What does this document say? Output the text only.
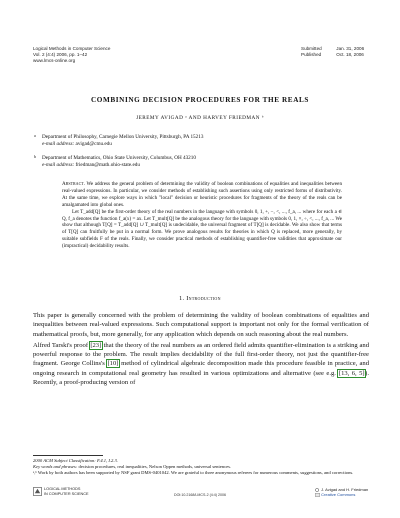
Logical Methods in Computer Science
Vol. 2 (4:4) 2006, pp. 1–42
www.lmcs-online.org
Submitted	Jan. 31, 2006
Published	Oct. 18, 2006
COMBINING DECISION PROCEDURES FOR THE REALS
JEREMY AVIGAD ᵃ AND HARVEY FRIEDMAN ᵇ
a Department of Philosophy, Carnegie Mellon University, Pittsburgh, PA 15213
e-mail address: avigad@cmu.edu
b Department of Mathematics, Ohio State University, Columbus, OH 43210
e-mail address: friedman@math.ohio-state.edu

Abstract. We address the general problem of determining the validity of boolean combinations of equalities and inequalities between real-valued expressions. In particular, we consider methods of establishing such assertions using only restricted forms of distributivity. At the same time, we explore ways in which "local" decision or heuristic procedures for fragments of the theory of the reals can be amalgamated into global ones.

Let T_add[Q] be the first-order theory of the real numbers in the language with symbols 0, 1, +, −, <, ..., f_a, ... where for each a ∈ Q, f_a denotes the function f_a(x) = ax. Let T_mult[Q] be the analogous theory for the language with symbols 0, 1, ×, ÷, <, ..., f_a, ... We show that although T[Q] = T_add[Q] ∪ T_mult[Q] is undecidable, the universal fragment of T[Q] is decidable. We also show that terms of T[Q] can fruitfully be put in a normal form. We prove analogous results for theories in which Q is replaced, more generally, by suitable subfields F of the reals. Finally, we consider practical methods of establishing quantifier-free validities that approximate our (impractical) decidability results.

1. Introduction

This paper is generally concerned with the problem of determining the validity of boolean combinations of equalities and inequalities between real-valued expressions. Such computational support is important not only for the formal verification of mathematical proofs, but, more generally, for any application which depends on such reasoning about the real numbers.

Alfred Tarski's proof [23] that the theory of the real numbers as an ordered field admits quantifier-elimination is a striking and powerful response to the problem. The result implies decidability of the full first-order theory, not just the quantifier-free fragment. George Collins's [10] method of cylindrical algebraic decomposition made this procedure feasible in practice, and ongoing research in computational real geometry has resulted in various optimizations and alternative (see e.g. [13, 6, 5]). Recently, a proof-producing version of

2000 ACM Subject Classification: F.4.1, I.2.3.
Key words and phrases: decision procedures, real inequalities, Nelson Oppen methods, universal sentences.
ᵃ,ᵇ Work by both authors has been supported by NSF grant DMS-0401042. We are grateful to three anonymous referees for numerous comments, suggestions, and corrections.
LOGICAL METHODS
IN COMPUTER SCIENCE	DOI:10.2168/LMCS-2 (4:4) 2006
J. Avigad and H. Friedman
Creative Commons
